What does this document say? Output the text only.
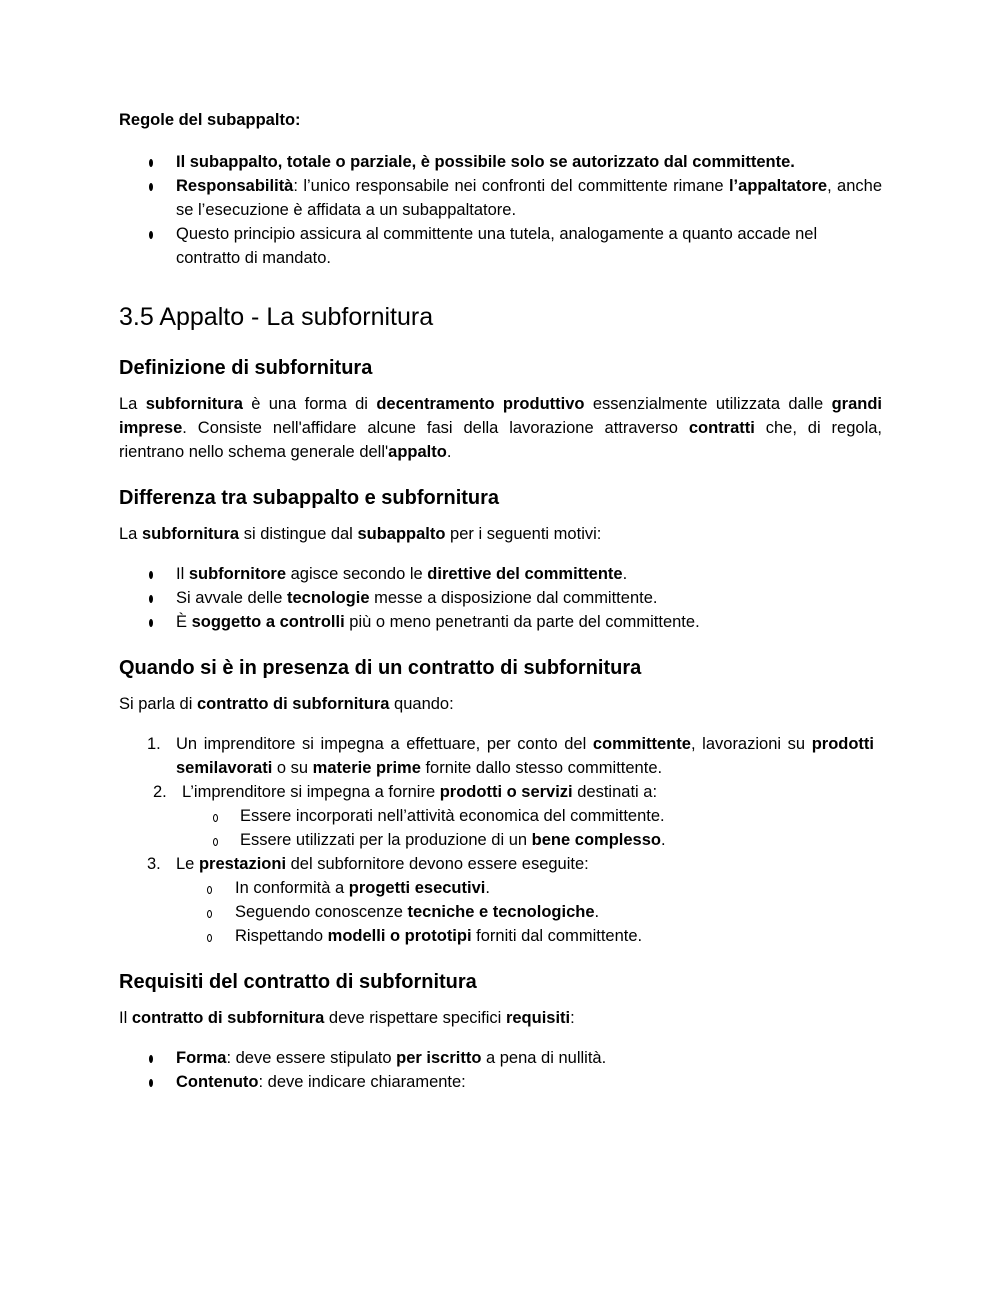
Regole del subappalto:

Il subappalto, totale o parziale, è possibile solo se autorizzato dal committente.
Responsabilità: l’unico responsabile nei confronti del committente rimane l’appaltatore, anche se l’esecuzione è affidata a un subappaltatore.
Questo principio assicura al committente una tutela, analogamente a quanto accade nel contratto di mandato.
3.5 Appalto - La subfornitura
Definizione di subfornitura

La subfornitura è una forma di decentramento produttivo essenzialmente utilizzata dalle grandi imprese. Consiste nell'affidare alcune fasi della lavorazione attraverso contratti che, di regola, rientrano nello schema generale dell'appalto.

Differenza tra subappalto e subfornitura

La subfornitura si distingue dal subappalto per i seguenti motivi:

Il subfornitore agisce secondo le direttive del committente.
Si avvale delle tecnologie messe a disposizione dal committente.
È soggetto a controlli più o meno penetranti da parte del committente.
Quando si è in presenza di un contratto di subfornitura

Si parla di contratto di subfornitura quando:

1. Un imprenditore si impegna a effettuare, per conto del committente, lavorazioni su prodotti semilavorati o su materie prime fornite dallo stesso committente.
2. L’imprenditore si impegna a fornire prodotti o servizi destinati a:
Essere incorporati nell’attività economica del committente.
Essere utilizzati per la produzione di un bene complesso.
3. Le prestazioni del subfornitore devono essere eseguite:
In conformità a progetti esecutivi.
Seguendo conoscenze tecniche e tecnologiche.
Rispettando modelli o prototipi forniti dal committente.
Requisiti del contratto di subfornitura

Il contratto di subfornitura deve rispettare specifici requisiti:

Forma: deve essere stipulato per iscritto a pena di nullità.
Contenuto: deve indicare chiaramente:
